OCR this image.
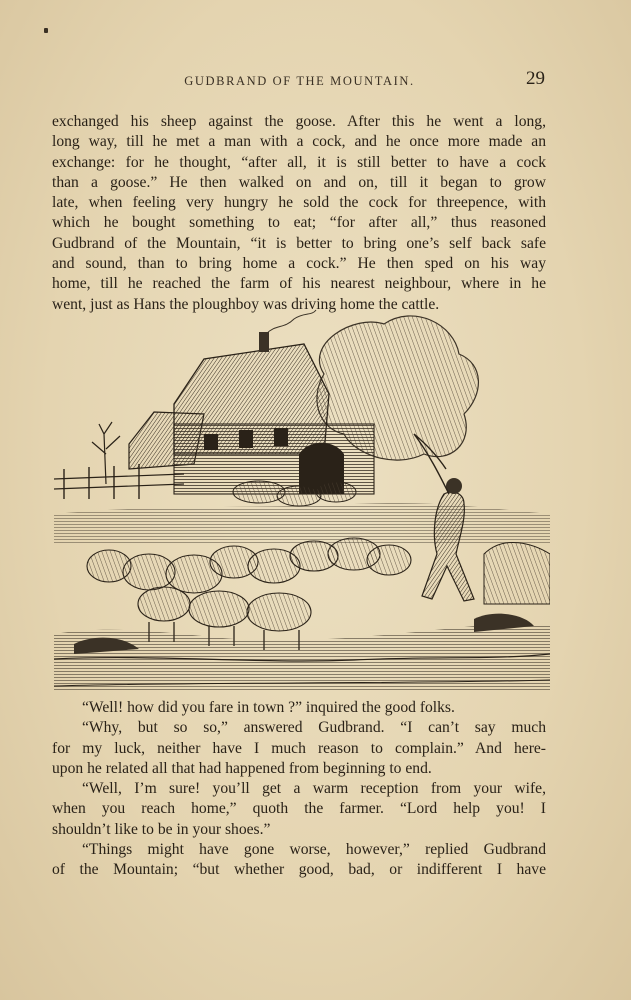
GUDBRAND OF THE MOUNTAIN.	29
exchanged his sheep against the goose. After this he went a long,
long way, till he met a man with a cock, and he once more made an
exchange: for he thought, “after all, it is still better to have a cock
than a goose.” He then walked on and on, till it began to grow
late, when feeling very hungry he sold the cock for threepence, with
which he bought something to eat; “for after all,” thus reasoned
Gudbrand of the Mountain, “it is better to bring one’s self back safe
and sound, than to bring home a cock.” He then sped on his way
home, till he reached the farm of his nearest neighbour, where in he
went, just as Hans the ploughboy was driving home the cattle.
“Well! how did you fare in town ?” inquired the good folks.
“Why, but so so,” answered Gudbrand. “I can’t say much
for my luck, neither have I much reason to complain.” And here-
upon he related all that had happened from beginning to end.
“Well, I’m sure! you’ll get a warm reception from your wife,
when you reach home,” quoth the farmer. “Lord help you! I
shouldn’t like to be in your shoes.”
“Things might have gone worse, however,” replied Gudbrand
of the Mountain; “but whether good, bad, or indifferent I have
